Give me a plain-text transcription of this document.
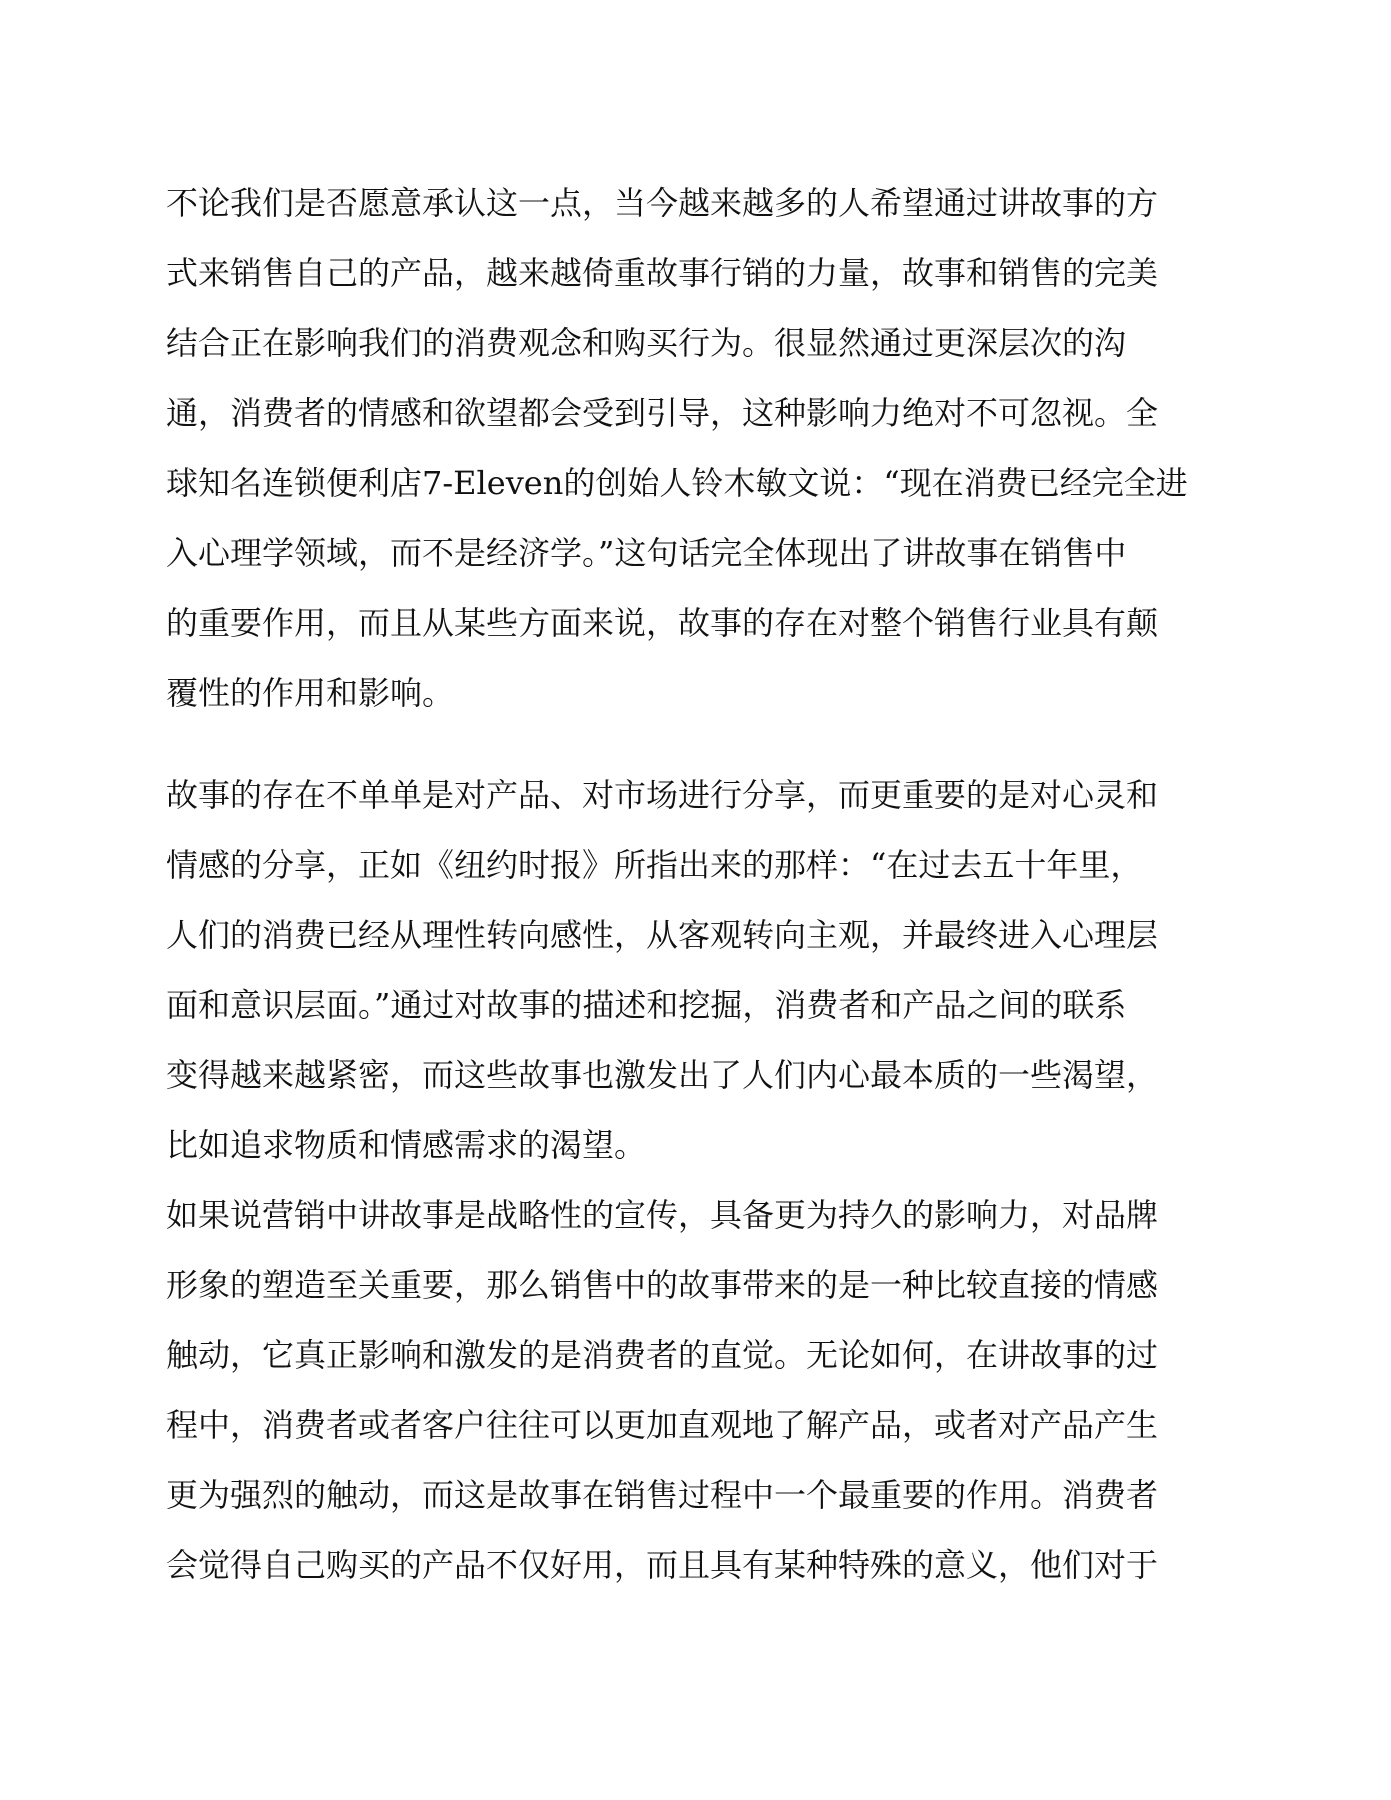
不论我们是否愿意承认这一点，当今越来越多的人希望通过讲故事的方
式来销售自己的产品，越来越倚重故事行销的力量，故事和销售的完美
结合正在影响我们的消费观念和购买行为。很显然通过更深层次的沟
通，消费者的情感和欲望都会受到引导，这种影响力绝对不可忽视。全
球知名连锁便利店7-Eleven的创始人铃木敏文说：“现在消费已经完全进
入心理学领域，而不是经济学。”这句话完全体现出了讲故事在销售中
的重要作用，而且从某些方面来说，故事的存在对整个销售行业具有颠
覆性的作用和影响。
故事的存在不单单是对产品、对市场进行分享，而更重要的是对心灵和
情感的分享，正如《纽约时报》所指出来的那样：“在过去五十年里，
人们的消费已经从理性转向感性，从客观转向主观，并最终进入心理层
面和意识层面。”通过对故事的描述和挖掘，消费者和产品之间的联系
变得越来越紧密，而这些故事也激发出了人们内心最本质的一些渴望，
比如追求物质和情感需求的渴望。
如果说营销中讲故事是战略性的宣传，具备更为持久的影响力，对品牌
形象的塑造至关重要，那么销售中的故事带来的是一种比较直接的情感
触动，它真正影响和激发的是消费者的直觉。无论如何，在讲故事的过
程中，消费者或者客户往往可以更加直观地了解产品，或者对产品产生
更为强烈的触动，而这是故事在销售过程中一个最重要的作用。消费者
会觉得自己购买的产品不仅好用，而且具有某种特殊的意义，他们对于
